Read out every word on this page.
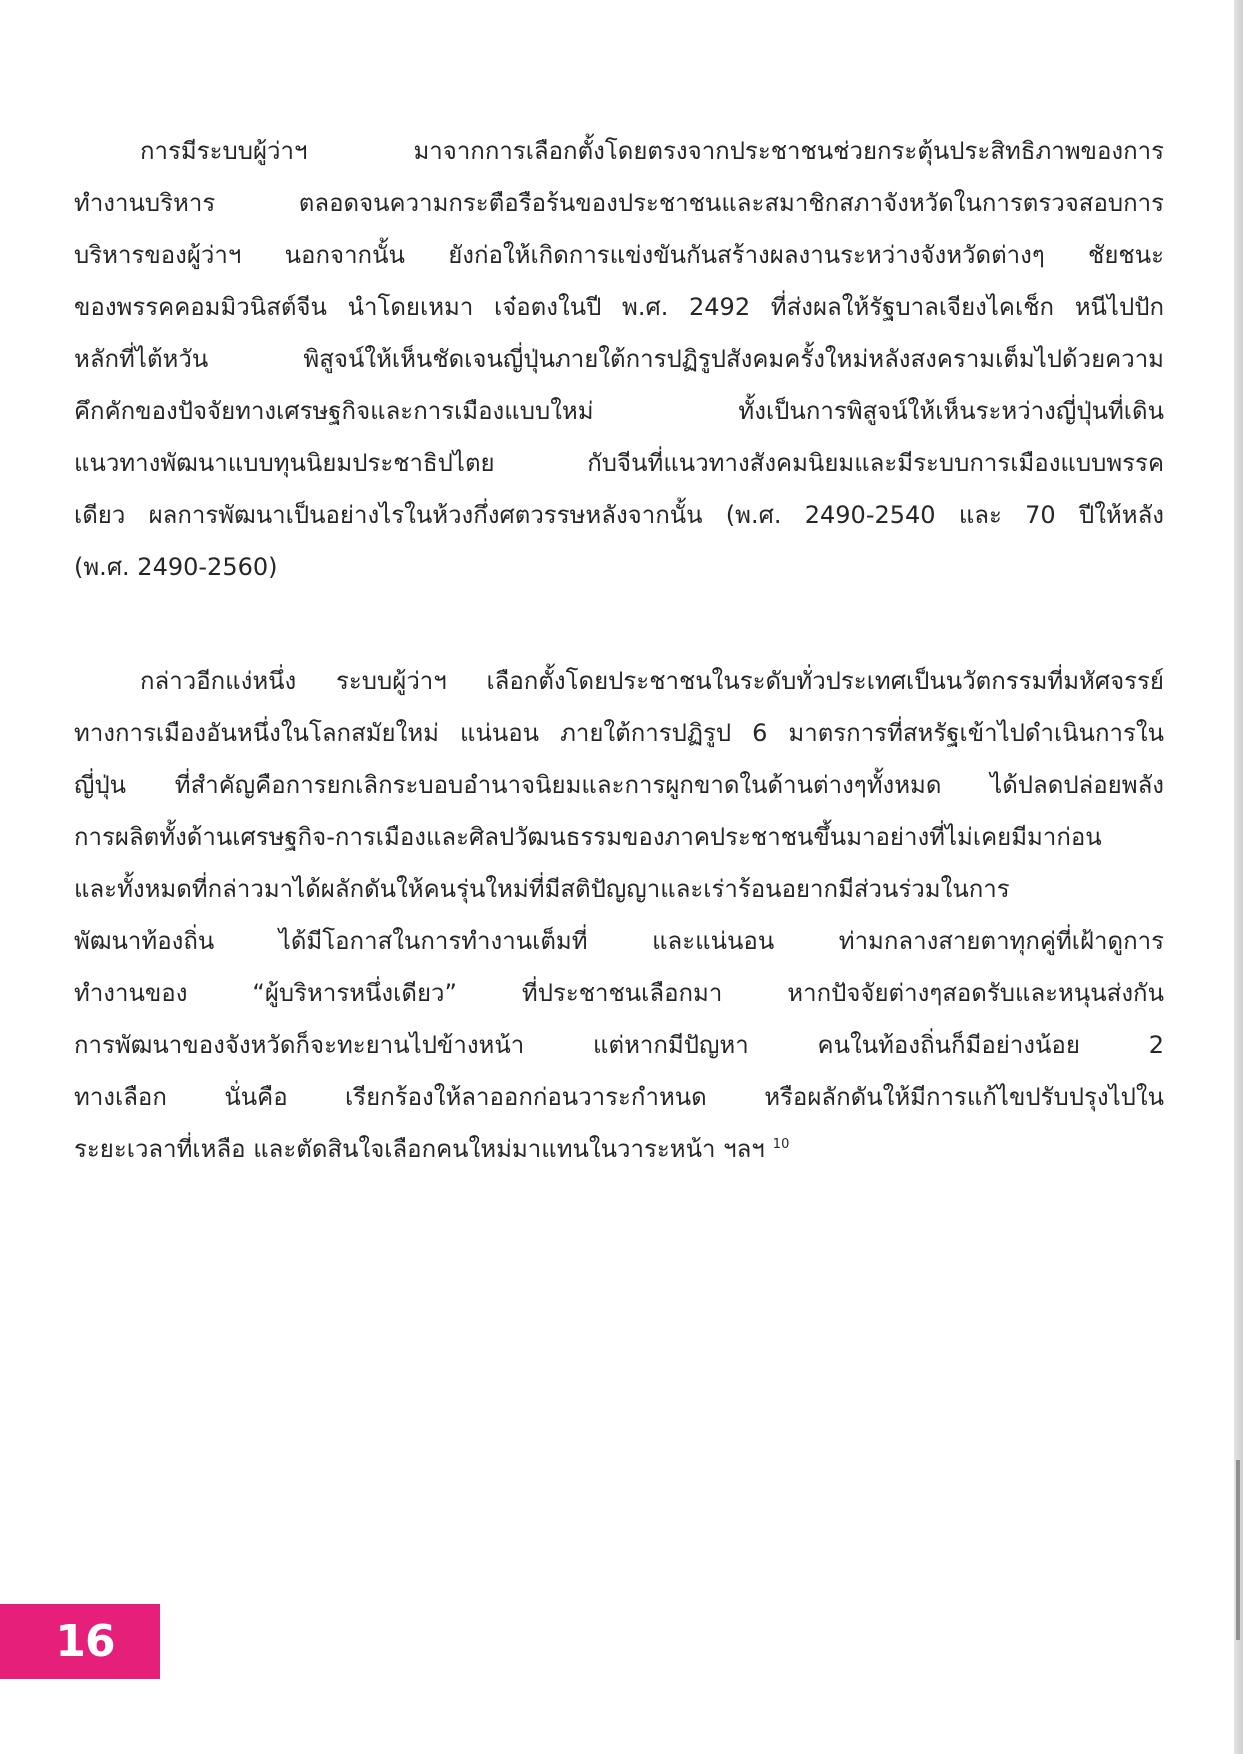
การมีระบบผู้ว่าฯ มาจากการเลือกตั้งโดยตรงจากประชาชนช่วยกระตุ้นประสิทธิภาพของการ
ทำงานบริหาร ตลอดจนความกระตือรือร้นของประชาชนและสมาชิกสภาจังหวัดในการตรวจสอบการ
บริหารของผู้ว่าฯ นอกจากนั้น ยังก่อให้เกิดการแข่งขันกันสร้างผลงานระหว่างจังหวัดต่างๆ ชัยชนะ
ของพรรคคอมมิวนิสต์จีน นำโดยเหมา เจ๋อตงในปี พ.ศ. 2492 ที่ส่งผลให้รัฐบาลเจียงไคเช็ก หนีไปปัก
หลักที่ไต้หวัน พิสูจน์ให้เห็นชัดเจนญี่ปุ่นภายใต้การปฏิรูปสังคมครั้งใหม่หลังสงครามเต็มไปด้วยความ
คึกคักของปัจจัยทางเศรษฐกิจและการเมืองแบบใหม่ ทั้งเป็นการพิสูจน์ให้เห็นระหว่างญี่ปุ่นที่เดิน
แนวทางพัฒนาแบบทุนนิยมประชาธิปไตย กับจีนที่แนวทางสังคมนิยมและมีระบบการเมืองแบบพรรค
เดียว ผลการพัฒนาเป็นอย่างไรในห้วงกึ่งศตวรรษหลังจากนั้น (พ.ศ. 2490-2540 และ 70 ปีให้หลัง
(พ.ศ. 2490-2560)

กล่าวอีกแง่หนึ่ง ระบบผู้ว่าฯ เลือกตั้งโดยประชาชนในระดับทั่วประเทศเป็นนวัตกรรมที่มหัศจรรย์
ทางการเมืองอันหนึ่งในโลกสมัยใหม่ แน่นอน ภายใต้การปฏิรูป 6 มาตรการที่สหรัฐเข้าไปดำเนินการใน
ญี่ปุ่น ที่สำคัญคือการยกเลิกระบอบอำนาจนิยมและการผูกขาดในด้านต่างๆทั้งหมด ได้ปลดปล่อยพลัง
การผลิตทั้งด้านเศรษฐกิจ-การเมืองและศิลปวัฒนธรรมของภาคประชาชนขึ้นมาอย่างที่ไม่เคยมีมาก่อน
และทั้งหมดที่กล่าวมาได้ผลักดันให้คนรุ่นใหม่ที่มีสติปัญญาและเร่าร้อนอยากมีส่วนร่วมในการ
พัฒนาท้องถิ่น ได้มีโอกาสในการทำงานเต็มที่ และแน่นอน ท่ามกลางสายตาทุกคู่ที่เฝ้าดูการ
ทำงานของ “ผู้บริหารหนึ่งเดียว” ที่ประชาชนเลือกมา หากปัจจัยต่างๆสอดรับและหนุนส่งกัน
การพัฒนาของจังหวัดก็จะทะยานไปข้างหน้า แต่หากมีปัญหา คนในท้องถิ่นก็มีอย่างน้อย 2
ทางเลือก นั่นคือ เรียกร้องให้ลาออกก่อนวาระกำหนด หรือผลักดันให้มีการแก้ไขปรับปรุงไปใน
ระยะเวลาที่เหลือ และตัดสินใจเลือกคนใหม่มาแทนในวาระหน้า ฯลฯ $^{10}$

16
